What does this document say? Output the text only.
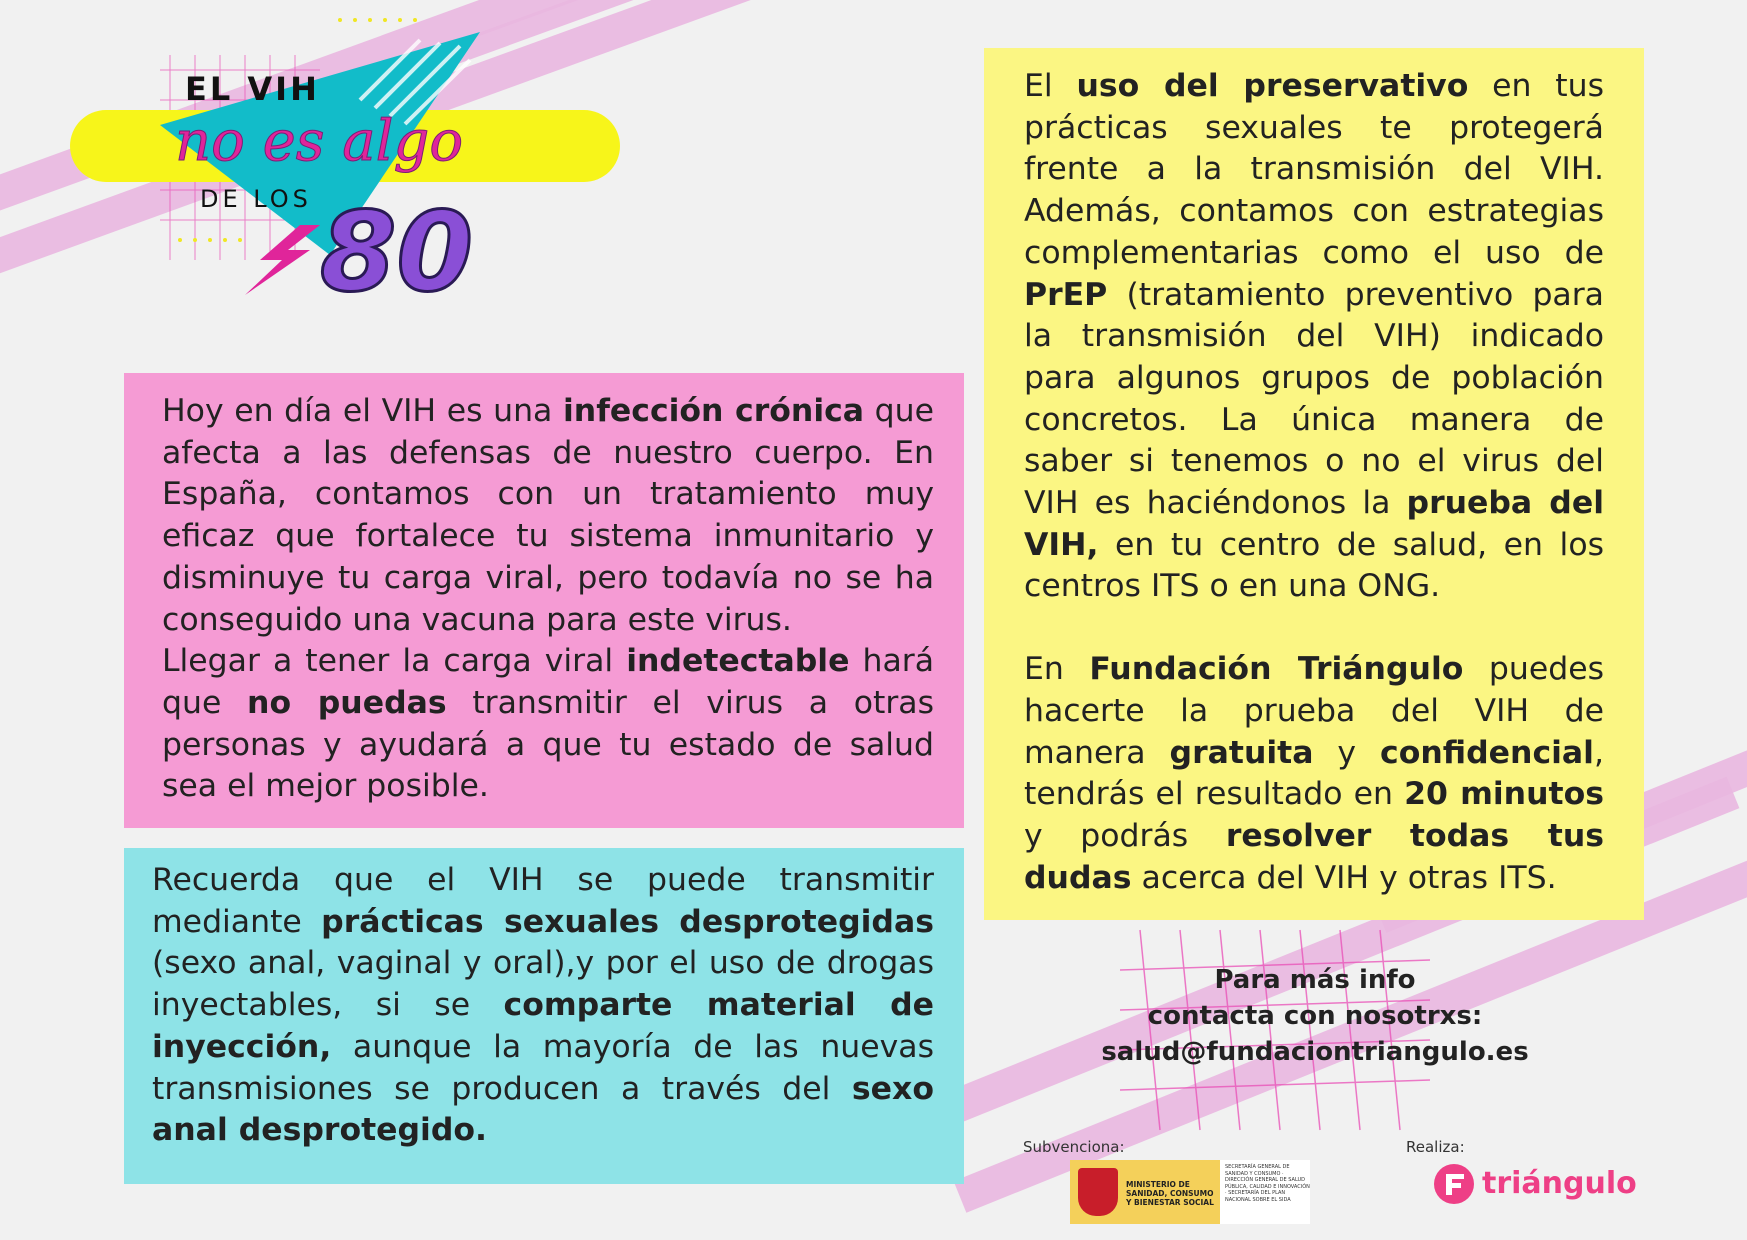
EL VIH
no es algo
DE LOS 80

Hoy en día el VIH es una infección crónica que afecta a las defensas de nuestro cuerpo. En España, contamos con un tratamiento muy eficaz que fortalece tu sistema inmunitario y disminuye tu carga viral, pero todavía no se ha conseguido una vacuna para este virus.

Llegar a tener la carga viral indetectable hará que no puedas transmitir el virus a otras personas y ayudará a que tu estado de salud sea el mejor posible.

Recuerda que el VIH se puede transmitir mediante prácticas sexuales desprotegidas (sexo anal, vaginal y oral),y por el uso de drogas inyectables, si se comparte material de inyección, aunque la mayoría de las nuevas transmisiones se producen a través del sexo anal desprotegido.

El uso del preservativo en tus prácticas sexuales te protegerá frente a la transmisión del VIH. Además, contamos con estrategias complementarias como el uso de PrEP (tratamiento preventivo para la transmisión del VIH) indicado para algunos grupos de población concretos. La única manera de saber si tenemos o no el virus del VIH es haciéndonos la prueba del VIH, en tu centro de salud, en los centros ITS o en una ONG.

En Fundación Triángulo puedes hacerte la prueba del VIH de manera gratuita y confidencial, tendrás el resultado en 20 minutos y podrás resolver todas tus dudas acerca del VIH y otras ITS.

Para más info
contacta con nosotrxs:
salud@fundaciontriangulo.es
Subvenciona:	Realiza:
MINISTERIO DE SANIDAD, CONSUMO Y BIENESTAR SOCIAL
SECRETARÍA GENERAL DE SANIDAD Y CONSUMO · DIRECCIÓN GENERAL DE SALUD PÚBLICA, CALIDAD E INNOVACIÓN · SECRETARÍA DEL PLAN NACIONAL SOBRE EL SIDA	triángulo
